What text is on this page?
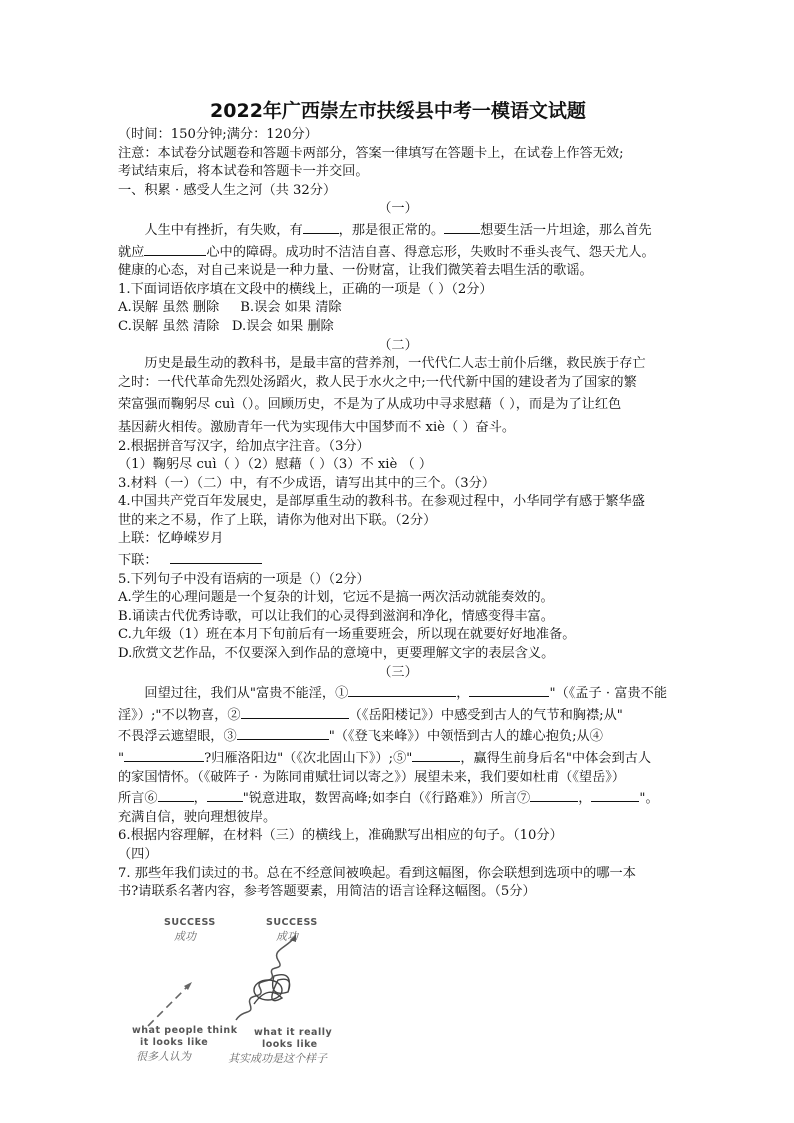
2022年广西崇左市扶绥县中考一模语文试题
（时间：150分钟;满分：120分）
注意：本试卷分试题卷和答题卡两部分，答案一律填写在答题卡上，在试卷上作答无效;
考试结束后，将本试卷和答题卡一并交回。
一、积累 · 感受人生之河（共 32分）
（一）
人生中有挫折，有失败，有	，那是很正常的。	想要生活一片坦途，那么首先
就应	心中的障碍。成功时不洁洁自喜、得意忘形，失败时不垂头丧气、怨天尤人。
健康的心态，对自己来说是一种力量、一份财富，让我们微笑着去唱生活的歌谣。
1.下面词语依序填在文段中的横线上，正确的一项是（ ）（2分）
A.误解 虽然 删除 B.误会 如果 清除
C.误解 虽然 清除 D.误会 如果 删除
（二）
历史是最生动的教科书，是最丰富的营养剂，一代代仁人志士前仆后继，救民族于存亡
之时：一代代革命先烈处汤蹈火，救人民于水火之中;一代代新中国的建设者为了国家的繁
荣富强而鞠躬尽 cuì（）。回顾历史，不是为了从成功中寻求慰藉（ ），而是为了让红色
基因薪火相传。激励青年一代为实现伟大中国梦而不 xiè（ ）奋斗。
2.根据拼音写汉字，给加点字注音。（3分）
（1）鞠躬尽 cuì（ ）（2）慰藉（ ）（3）不 xiè （ ）
3.材料（一）（二）中，有不少成语，请写出其中的三个。（3分）
4.中国共产党百年发展史，是部厚重生动的教科书。在参观过程中，小华同学有感于繁华盛
世的来之不易，作了上联，请你为他对出下联。（2分）
上联：忆峥嵘岁月
下联：
5.下列句子中没有语病的一项是（）（2分）
A.学生的心理问题是一个复杂的计划，它远不是搞一两次活动就能奏效的。
B.诵读古代优秀诗歌，可以让我们的心灵得到滋润和净化，情感变得丰富。
C.九年级（1）班在本月下旬前后有一场重要班会，所以现在就要好好地准备。
D.欣赏文艺作品，不仅要深入到作品的意境中，更要理解文字的表层含义。
（三）
回望过往，我们从"富贵不能淫，①	，	"（《孟子 · 富贵不能
淫》）;"不以物喜，②	（《岳阳楼记》）中感受到古人的气节和胸襟;从"
不畏浮云遮望眼，③	"（《登飞来峰》）中领悟到古人的雄心抱负;从④
"	?归雁洛阳边"（《次北固山下》）;⑤"	，赢得生前身后名"中体会到古人
的家国情怀。（《破阵子 · 为陈同甫赋壮词以寄之》）展望未来，我们要如杜甫（《望岳》）
所言⑥	，	"锐意进取，数罟高峰;如李白（《行路难》）所言⑦	，	"。
充满自信，驶向理想彼岸。
6.根据内容理解，在材料（三）的横线上，准确默写出相应的句子。（10分）
（四）
7. 那些年我们读过的书。总在不经意间被唤起。看到这幅图，你会联想到选项中的哪一本
书?请联系名著内容，参考答题要素，用简洁的语言诠释这幅图。（5分）
SUCCESS
成功
SUCCESS
成功
what people think
it looks like
很多人认为
what it really
looks like
其实成功是这个样子
